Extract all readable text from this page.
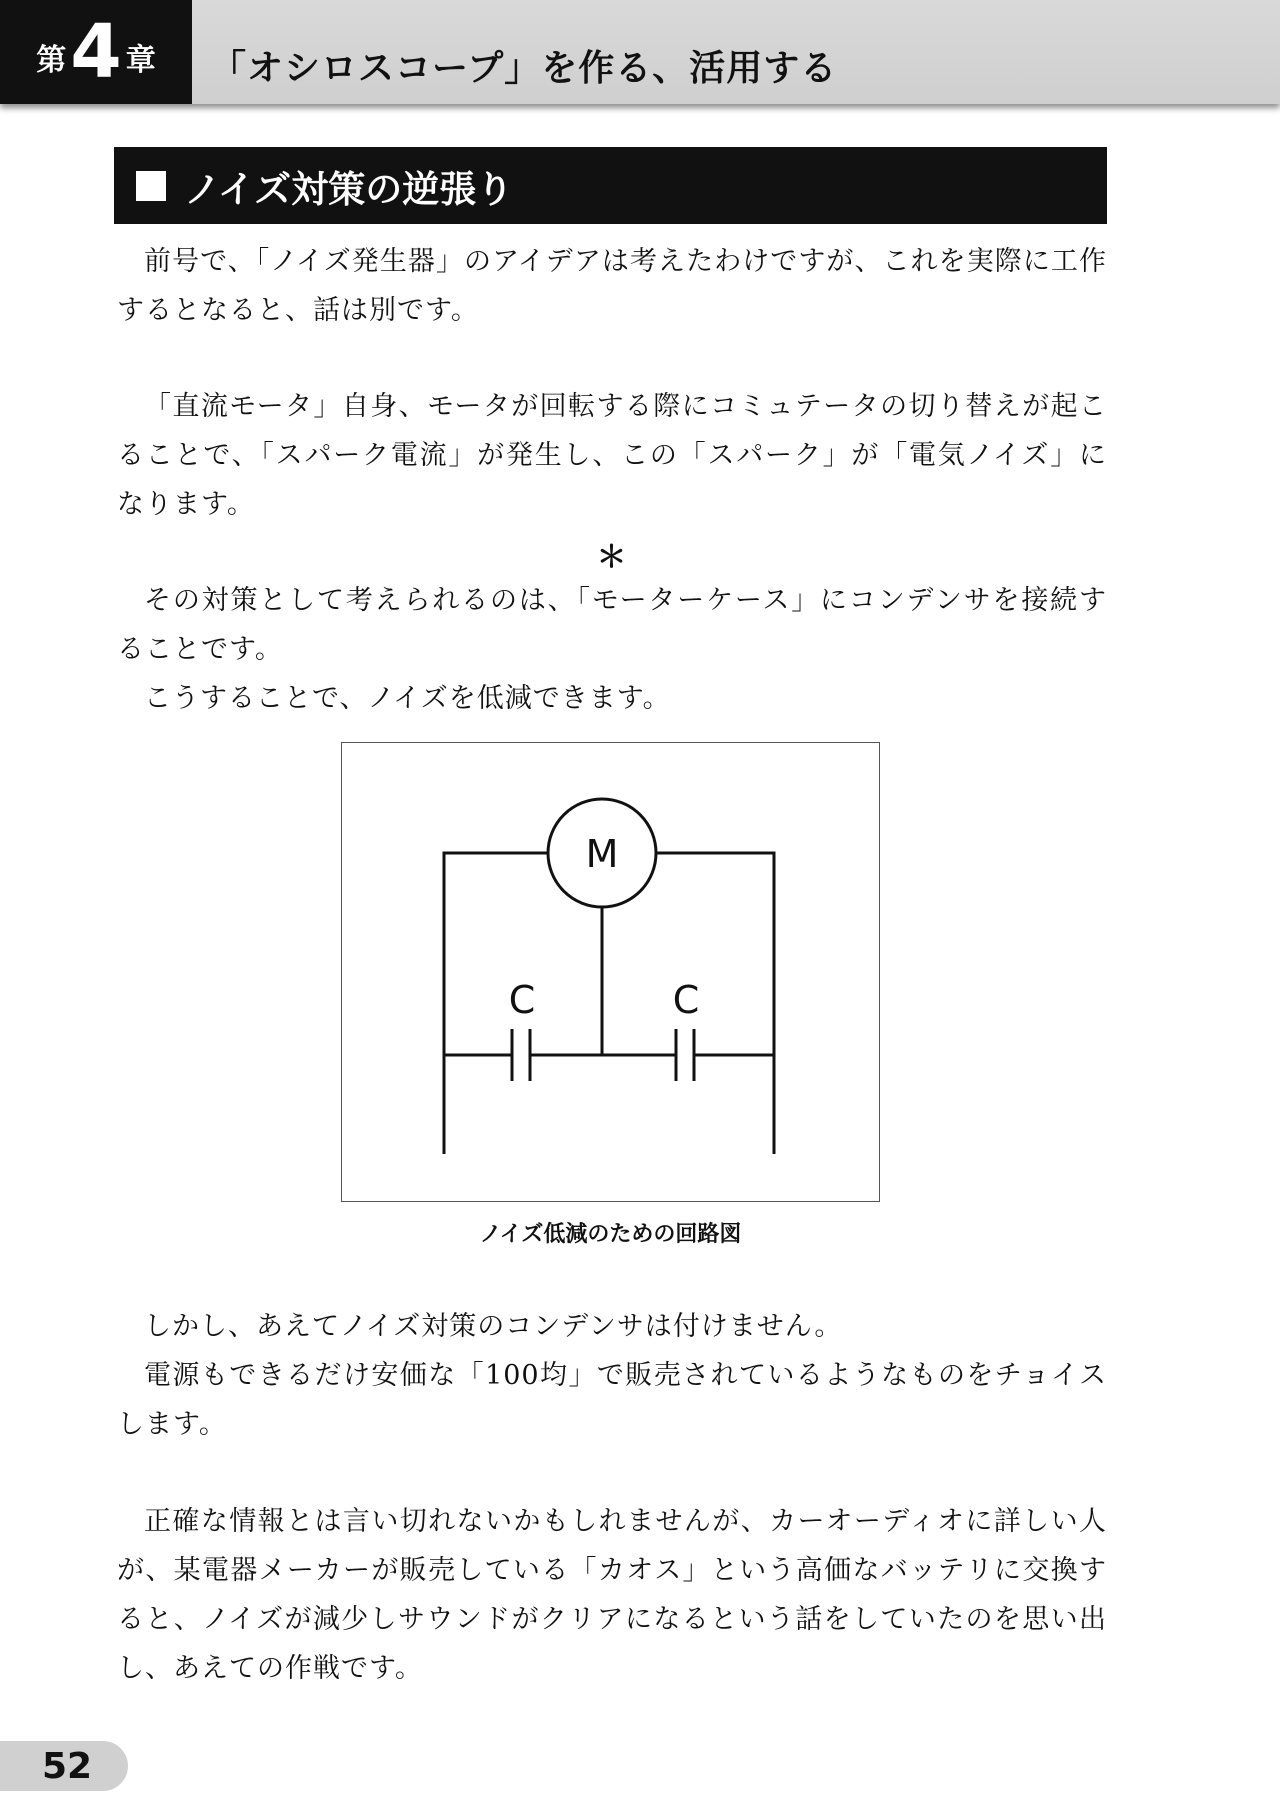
第 4 章 「オシロスコープ」を作る、活用する
ノイズ対策の逆張り

前号で、「ノイズ発生器」のアイデアは考えたわけですが、これを実際に工作するとなると、話は別です。

「直流モータ」自身、モータが回転する際にコミュテータの切り替えが起こることで、「スパーク電流」が発生し、この「スパーク」が「電気ノイズ」になります。

＊

その対策として考えられるのは、「モーターケース」にコンデンサを接続することです。

こうすることで、ノイズを低減できます。

M
C	C
ノイズ低減のための回路図

しかし、あえてノイズ対策のコンデンサは付けません。

電源もできるだけ安価な「100均」で販売されているようなものをチョイスします。

正確な情報とは言い切れないかもしれませんが、カーオーディオに詳しい人が、某電器メーカーが販売している「カオス」という高価なバッテリに交換すると、ノイズが減少しサウンドがクリアになるという話をしていたのを思い出し、あえての作戦です。

52
